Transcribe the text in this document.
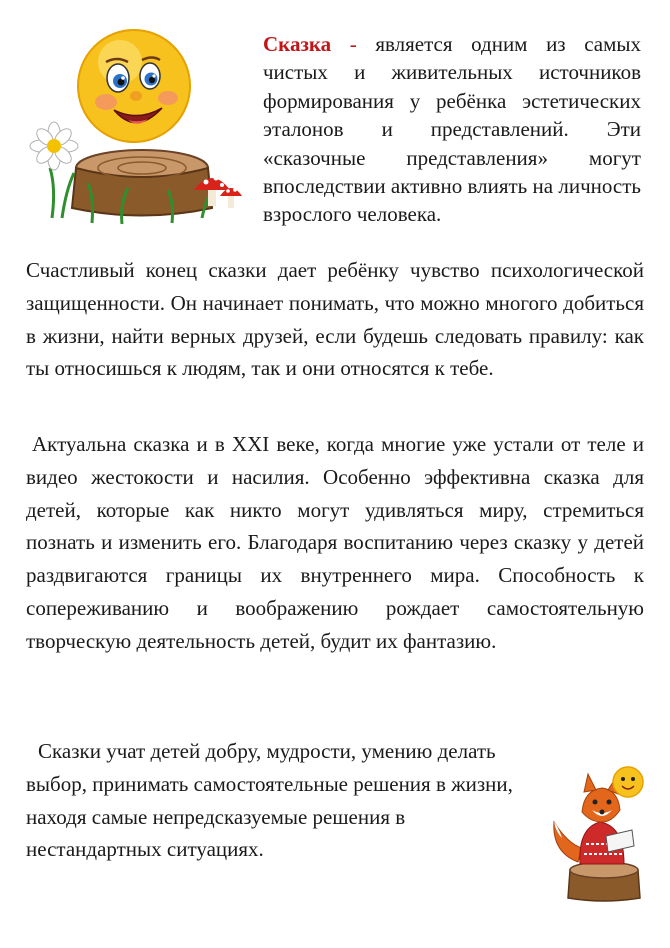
Сказка - является одним из самых чистых и живительных источников формирования у ребёнка эстетических эталонов и представлений. Эти «сказочные представления» могут впоследствии активно влиять на личность взрослого человека.

Счастливый конец сказки дает ребёнку чувство психологической защищенности. Он начинает понимать, что можно многого добиться в жизни, найти верных друзей, если будешь следовать правилу: как ты относишься к людям, так и они относятся к тебе.

Актуальна сказка и в XXI веке, когда многие уже устали от теле и видео жестокости и насилия. Особенно эффективна сказка для детей, которые как никто могут удивляться миру, стремиться познать и изменить его. Благодаря воспитанию через сказку у детей раздвигаются границы их внутреннего мира. Способность к сопереживанию и воображению рождает самостоятельную творческую деятельность детей, будит их фантазию.

Сказки учат детей добру, мудрости, умению делать выбор, принимать самостоятельные решения в жизни, находя самые непредсказуемые решения в нестандартных ситуациях.
